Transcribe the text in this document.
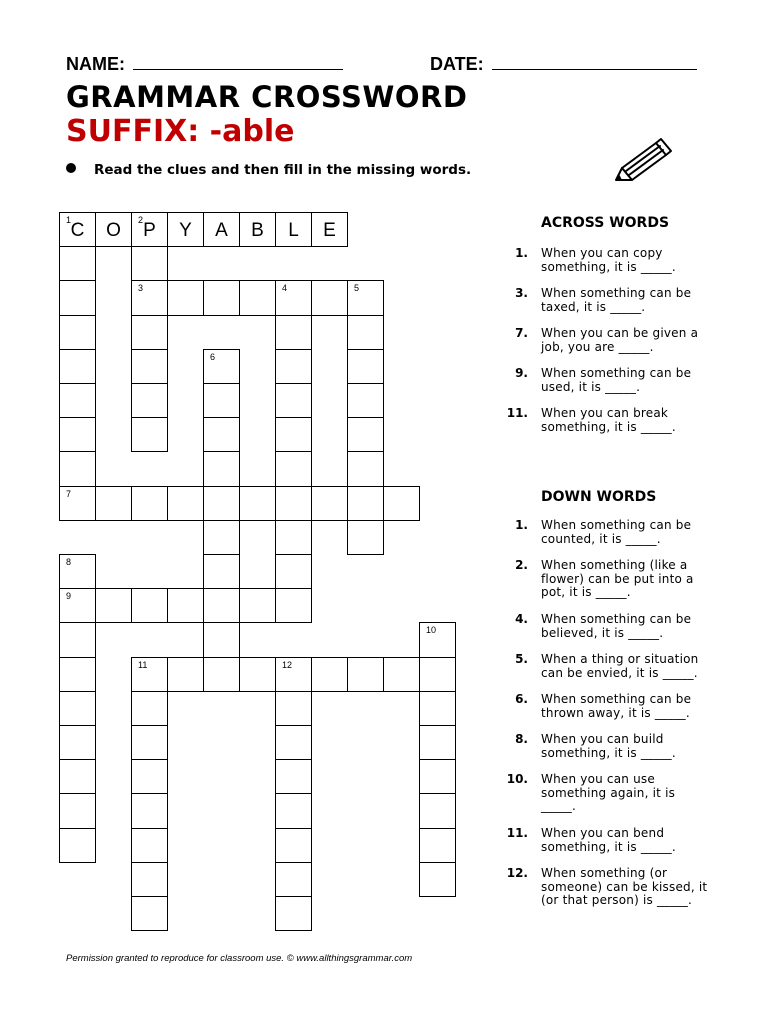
NAME:	DATE:
GRAMMAR CROSSWORD
SUFFIX: -able
Read the clues and then fill in the missing words.
1 C	O	2 P	Y	A	B	L	E
3	4	5
6
7
8
9
10
11	12
ACROSS WORDS
1. When you can copy something, it is _____.
3. When something can be taxed, it is _____.
7. When you can be given a job, you are _____.
9. When something can be used, it is _____.
11. When you can break something, it is _____.
DOWN WORDS
1. When something can be counted, it is _____.
2. When something (like a flower) can be put into a pot, it is _____.
4. When something can be believed, it is _____.
5. When a thing or situation can be envied, it is _____.
6. When something can be thrown away, it is _____.
8. When you can build something, it is _____.
10. When you can use something again, it is _____.
11. When you can bend something, it is _____.
12. When something (or someone) can be kissed, it (or that person) is _____.
Permission granted to reproduce for classroom use. © www.allthingsgrammar.com
